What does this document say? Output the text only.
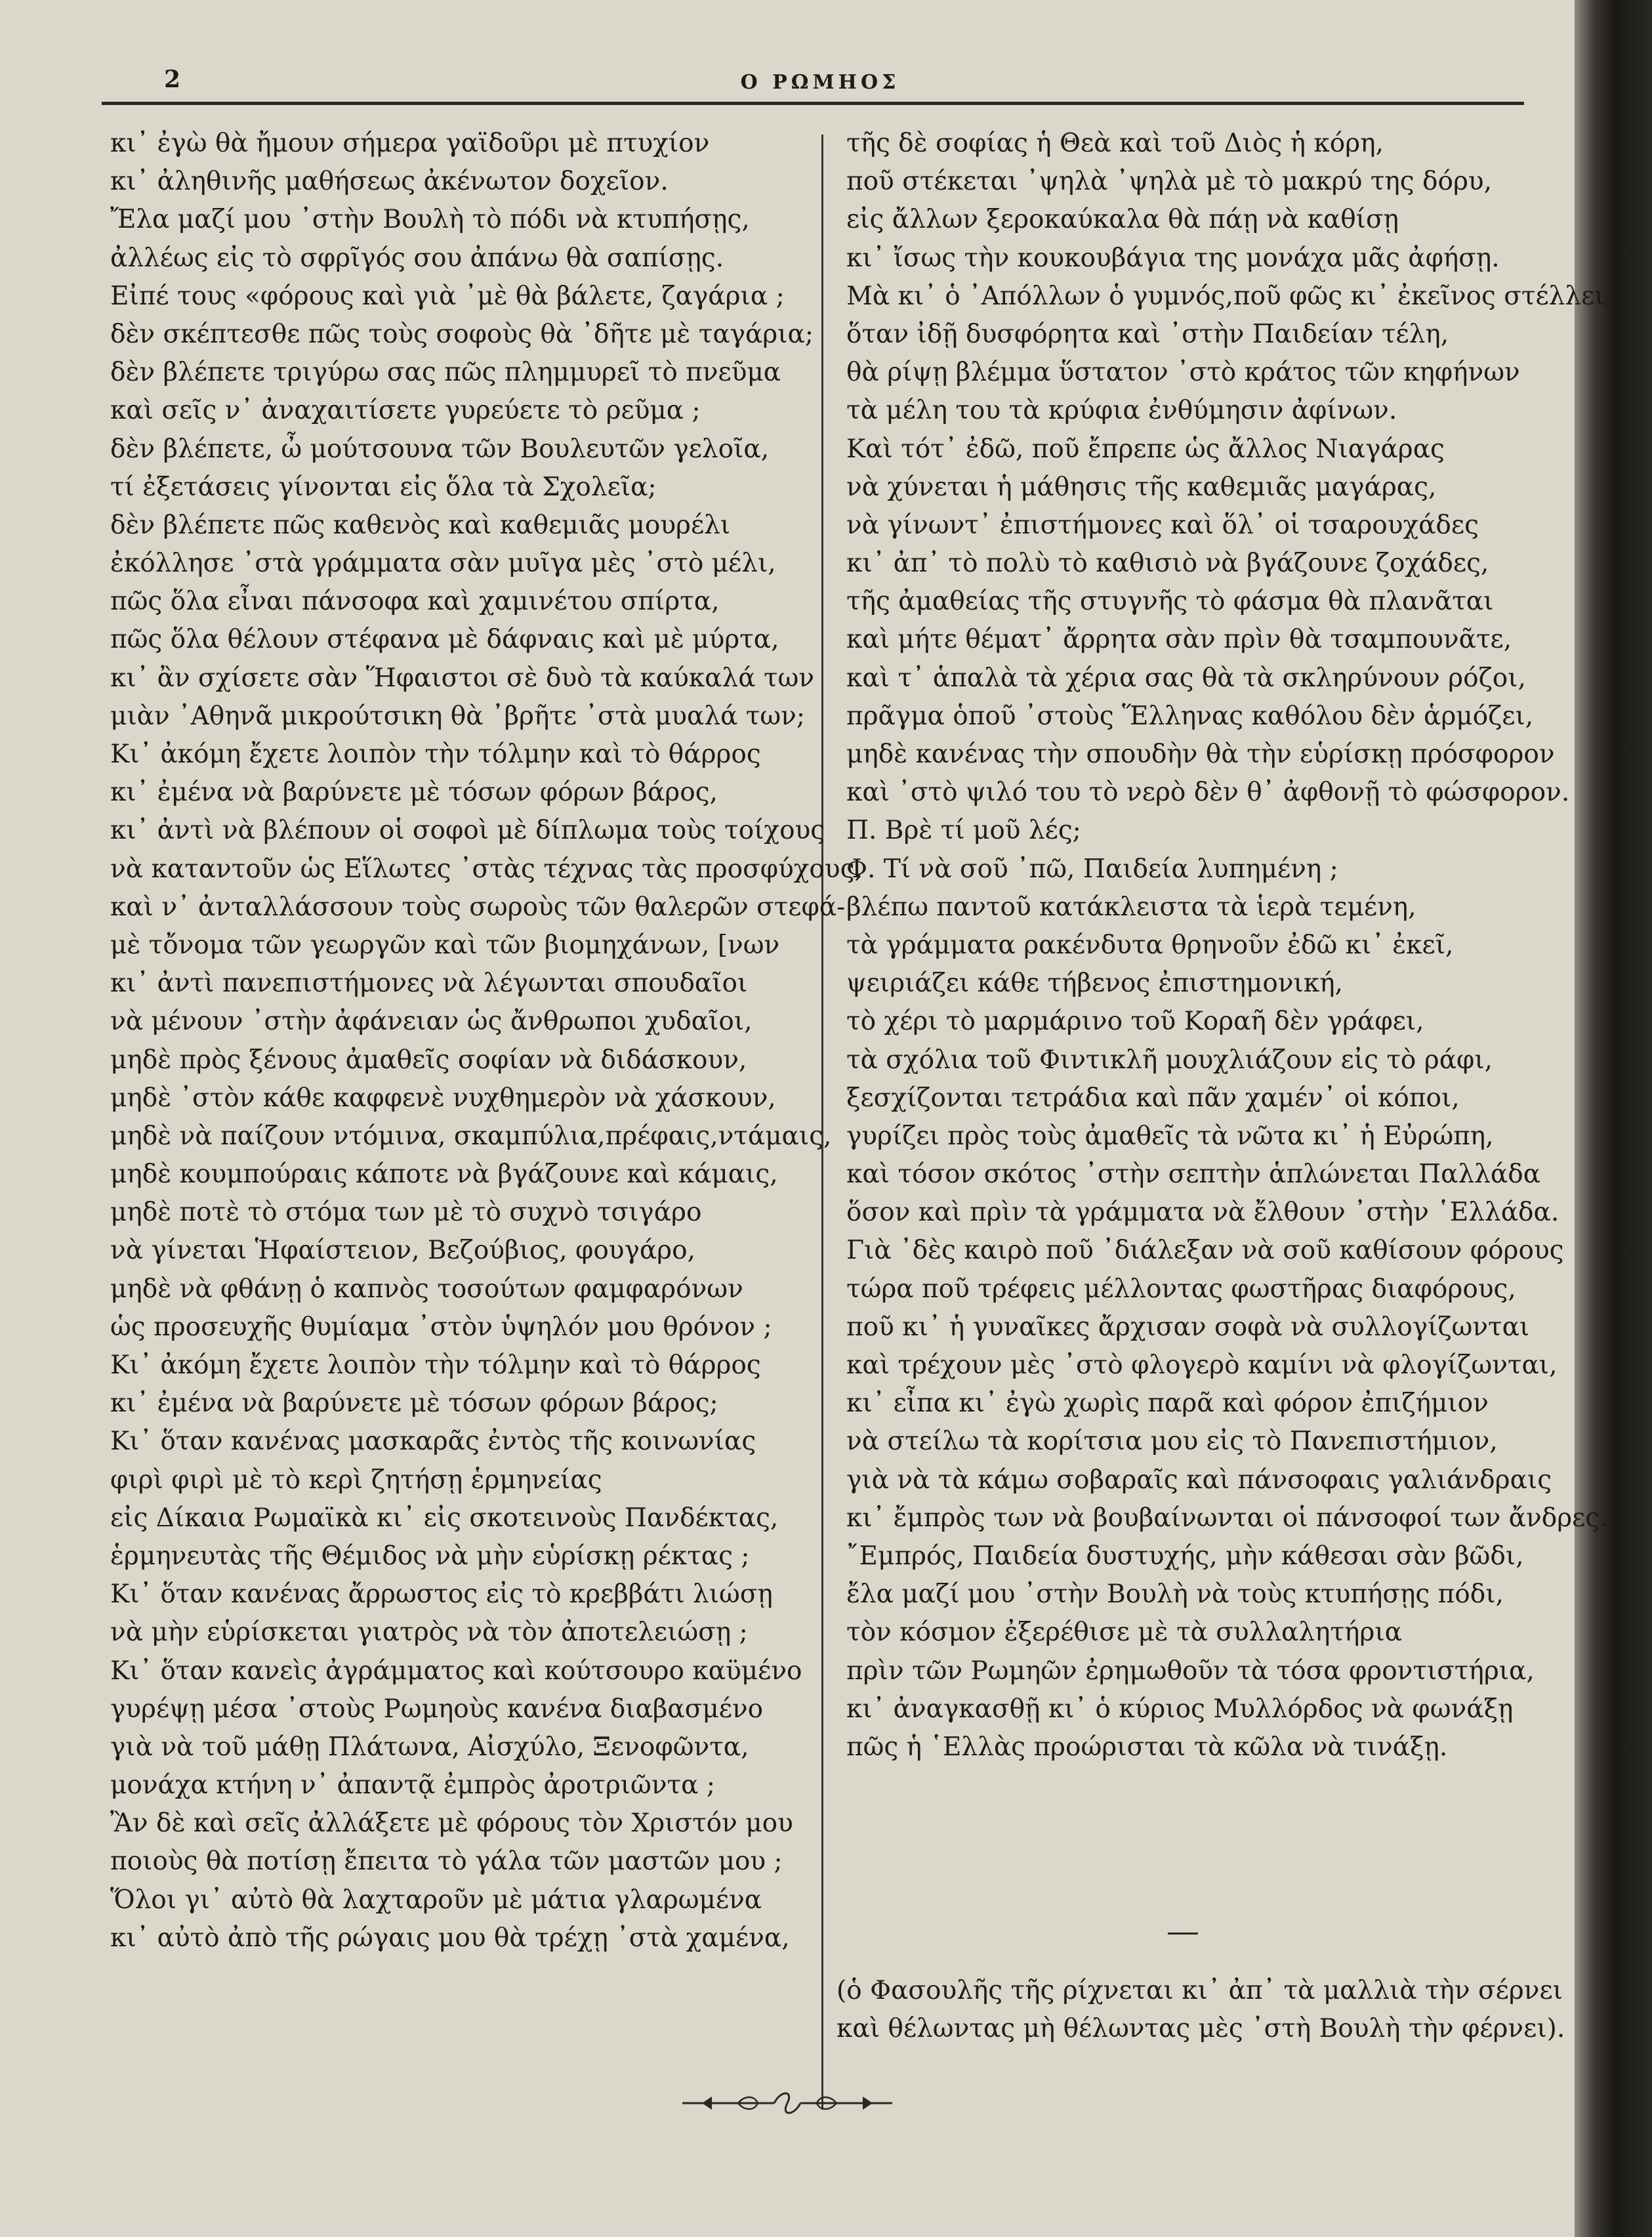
2	Ο ΡΩΜΗΟΣ
κι᾿ ἐγὼ θὰ ἤμουν σήμερα γαϊδοῦρι μὲ πτυχίον
κι᾿ ἀληθινῆς μαθήσεως ἀκένωτον δοχεῖον.
Ἔλα μαζί μου ᾿στὴν Βουλὴ τὸ πόδι νὰ κτυπήσῃς,
ἀλλέως εἰς τὸ σφρῖγός σου ἀπάνω θὰ σαπίσῃς.
Εἰπέ τους «φόρους καὶ γιὰ ᾿μὲ θὰ βάλετε, ζαγάρια ;
δὲν σκέπτεσθε πῶς τοὺς σοφοὺς θὰ ᾿δῆτε μὲ ταγάρια;
δὲν βλέπετε τριγύρω σας πῶς πλημμυρεῖ τὸ πνεῦμα
καὶ σεῖς ν᾿ ἀναχαιτίσετε γυρεύετε τὸ ρεῦμα ;
δὲν βλέπετε, ὦ μούτσουνα τῶν Βουλευτῶν γελοῖα,
τί ἐξετάσεις γίνονται εἰς ὅλα τὰ Σχολεῖα;
δὲν βλέπετε πῶς καθενὸς καὶ καθεμιᾶς μουρέλι
ἐκόλλησε ᾿στὰ γράμματα σὰν μυῖγα μὲς ᾿στὸ μέλι,
πῶς ὅλα εἶναι πάνσοφα καὶ χαμινέτου σπίρτα,
πῶς ὅλα θέλουν στέφανα μὲ δάφναις καὶ μὲ μύρτα,
κι᾿ ἂν σχίσετε σὰν Ἥφαιστοι σὲ δυὸ τὰ καύκαλά των
μιὰν ᾿Αθηνᾶ μικρούτσικη θὰ ᾿βρῆτε ᾿στὰ μυαλά των;
Κι᾿ ἀκόμη ἔχετε λοιπὸν τὴν τόλμην καὶ τὸ θάρρος
κι᾿ ἐμένα νὰ βαρύνετε μὲ τόσων φόρων βάρος,
κι᾿ ἀντὶ νὰ βλέπουν οἱ σοφοὶ μὲ δίπλωμα τοὺς τοίχους
νὰ καταντοῦν ὡς Εἵλωτες ᾿στὰς τέχνας τὰς προσφύχους,
καὶ ν᾿ ἀνταλλάσσουν τοὺς σωροὺς τῶν θαλερῶν στεφά-
μὲ τὄνομα τῶν γεωργῶν καὶ τῶν βιομηχάνων, [νων
κι᾿ ἀντὶ πανεπιστήμονες νὰ λέγωνται σπουδαῖοι
νὰ μένουν ᾿στὴν ἀφάνειαν ὡς ἄνθρωποι χυδαῖοι,
μηδὲ πρὸς ξένους ἀμαθεῖς σοφίαν νὰ διδάσκουν,
μηδὲ ᾿στὸν κάθε καφφενὲ νυχθημερὸν νὰ χάσκουν,
μηδὲ νὰ παίζουν ντόμινα, σκαμπύλια,πρέφαις,ντάμαις,
μηδὲ κουμπούραις κάποτε νὰ βγάζουνε καὶ κάμαις,
μηδὲ ποτὲ τὸ στόμα των μὲ τὸ συχνὸ τσιγάρο
νὰ γίνεται Ἡφαίστειον, Βεζούβιος, φουγάρο,
μηδὲ νὰ φθάνῃ ὁ καπνὸς τοσούτων φαμφαρόνων
ὡς προσευχῆς θυμίαμα ᾿στὸν ὑψηλόν μου θρόνον ;
Κι᾿ ἀκόμη ἔχετε λοιπὸν τὴν τόλμην καὶ τὸ θάρρος
κι᾿ ἐμένα νὰ βαρύνετε μὲ τόσων φόρων βάρος;
Κι᾿ ὅταν κανένας μασκαρᾶς ἐντὸς τῆς κοινωνίας
φιρὶ φιρὶ μὲ τὸ κερὶ ζητήσῃ ἑρμηνείας
εἰς Δίκαια Ρωμαϊκὰ κι᾿ εἰς σκοτεινοὺς Πανδέκτας,
ἑρμηνευτὰς τῆς Θέμιδος νὰ μὴν εὑρίσκῃ ρέκτας ;
Κι᾿ ὅταν κανένας ἄρρωστος εἰς τὸ κρεββάτι λιώσῃ
νὰ μὴν εὑρίσκεται γιατρὸς νὰ τὸν ἀποτελειώσῃ ;
Κι᾿ ὅταν κανεὶς ἀγράμματος καὶ κούτσουρο καϋμένο
γυρέψῃ μέσα ᾿στοὺς Ρωμηοὺς κανένα διαβασμένο
γιὰ νὰ τοῦ μάθῃ Πλάτωνα, Αἰσχύλο, Ξενοφῶντα,
μονάχα κτήνη ν᾿ ἀπαντᾷ ἐμπρὸς ἀροτριῶντα ;
Ἂν δὲ καὶ σεῖς ἀλλάξετε μὲ φόρους τὸν Χριστόν μου
ποιοὺς θὰ ποτίσῃ ἔπειτα τὸ γάλα τῶν μαστῶν μου ;
Ὅλοι γι᾿ αὐτὸ θὰ λαχταροῦν μὲ μάτια γλαρωμένα
κι᾿ αὐτὸ ἀπὸ τῆς ρώγαις μου θὰ τρέχῃ ᾿στὰ χαμένα,
τῆς δὲ σοφίας ἡ Θεὰ καὶ τοῦ Διὸς ἡ κόρη,
ποῦ στέκεται ᾿ψηλὰ ᾿ψηλὰ μὲ τὸ μακρύ της δόρυ,
εἰς ἄλλων ξεροκαύκαλα θὰ πάῃ νὰ καθίσῃ
κι᾿ ἴσως τὴν κουκουβάγια της μονάχα μᾶς ἀφήσῃ.
Μὰ κι᾿ ὁ ᾿Απόλλων ὁ γυμνός,ποῦ φῶς κι᾿ ἐκεῖνος στέλλει,
ὅταν ἰδῇ δυσφόρητα καὶ ᾿στὴν Παιδείαν τέλη,
θὰ ρίψῃ βλέμμα ὕστατον ᾿στὸ κράτος τῶν κηφήνων
τὰ μέλη του τὰ κρύφια ἐνθύμησιν ἀφίνων.
Καὶ τότ᾿ ἐδῶ, ποῦ ἔπρεπε ὡς ἄλλος Νιαγάρας
νὰ χύνεται ἡ μάθησις τῆς καθεμιᾶς μαγάρας,
νὰ γίνωντ᾿ ἐπιστήμονες καὶ ὅλ᾿ οἱ τσαρουχάδες
κι᾿ ἀπ᾿ τὸ πολὺ τὸ καθισιὸ νὰ βγάζουνε ζοχάδες,
τῆς ἀμαθείας τῆς στυγνῆς τὸ φάσμα θὰ πλανᾶται
καὶ μήτε θέματ᾿ ἄρρητα σὰν πρὶν θὰ τσαμπουνᾶτε,
καὶ τ᾿ ἁπαλὰ τὰ χέρια σας θὰ τὰ σκληρύνουν ρόζοι,
πρᾶγμα ὁποῦ ᾿στοὺς Ἕλληνας καθόλου δὲν ἁρμόζει,
μηδὲ κανένας τὴν σπουδὴν θὰ τὴν εὑρίσκῃ πρόσφορον
καὶ ᾿στὸ ψιλό του τὸ νερὸ δὲν θ᾿ ἀφθονῇ τὸ φώσφορον.
Π. Βρὲ τί μοῦ λές;
Φ. Τί νὰ σοῦ ᾿πῶ, Παιδεία λυπημένη ;
βλέπω παντοῦ κατάκλειστα τὰ ἱερὰ τεμένη,
τὰ γράμματα ρακένδυτα θρηνοῦν ἐδῶ κι᾿ ἐκεῖ,
ψειριάζει κάθε τήβενος ἐπιστημονική,
τὸ χέρι τὸ μαρμάρινο τοῦ Κοραῆ δὲν γράφει,
τὰ σχόλια τοῦ Φιντικλῆ μουχλιάζουν εἰς τὸ ράφι,
ξεσχίζονται τετράδια καὶ πᾶν χαμέν᾿ οἱ κόποι,
γυρίζει πρὸς τοὺς ἀμαθεῖς τὰ νῶτα κι᾿ ἡ Εὐρώπη,
καὶ τόσον σκότος ᾿στὴν σεπτὴν ἁπλώνεται Παλλάδα
ὅσον καὶ πρὶν τὰ γράμματα νὰ ἔλθουν ᾿στὴν ῾Ελλάδα.
Γιὰ ᾿δὲς καιρὸ ποῦ ᾿διάλεξαν νὰ σοῦ καθίσουν φόρους
τώρα ποῦ τρέφεις μέλλοντας φωστῆρας διαφόρους,
ποῦ κι᾿ ἡ γυναῖκες ἄρχισαν σοφὰ νὰ συλλογίζωνται
καὶ τρέχουν μὲς ᾿στὸ φλογερὸ καμίνι νὰ φλογίζωνται,
κι᾿ εἶπα κι᾿ ἐγὼ χωρὶς παρᾶ καὶ φόρον ἐπιζήμιον
νὰ στείλω τὰ κορίτσια μου εἰς τὸ Πανεπιστήμιον,
γιὰ νὰ τὰ κάμω σοβαραῖς καὶ πάνσοφαις γαλιάνδραις
κι᾿ ἔμπρὸς των νὰ βουβαίνωνται οἱ πάνσοφοί των ἄνδρες.
῎Εμπρός, Παιδεία δυστυχής, μὴν κάθεσαι σὰν βῶδι,
ἔλα μαζί μου ᾿στὴν Βουλὴ νὰ τοὺς κτυπήσῃς πόδι,
τὸν κόσμον ἐξερέθισε μὲ τὰ συλλαλητήρια
πρὶν τῶν Ρωμηῶν ἐρημωθοῦν τὰ τόσα φροντιστήρια,
κι᾿ ἀναγκασθῇ κι᾿ ὁ κύριος Μυλλόρδος νὰ φωνάξῃ
πῶς ἡ ῾Ελλὰς προώρισται τὰ κῶλα νὰ τινάξῃ.
(ὁ Φασουλῆς τῆς ρίχνεται κι᾿ ἀπ᾿ τὰ μαλλιὰ τὴν σέρνει
καὶ θέλωντας μὴ θέλωντας μὲς ᾿στὴ Βουλὴ τὴν φέρνει).
